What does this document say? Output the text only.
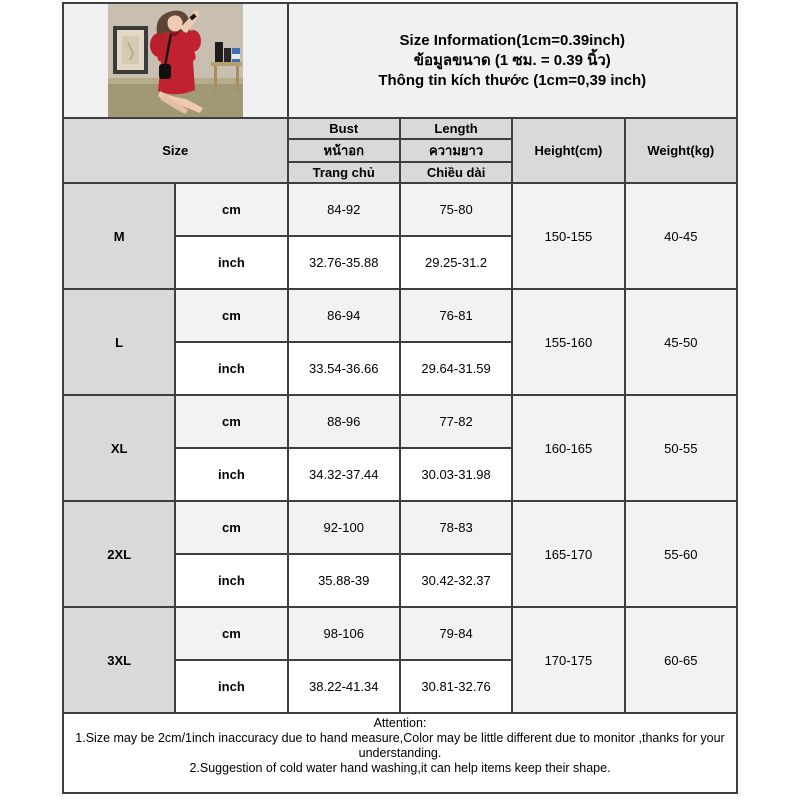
Size Information(1cm=0.39inch)
ข้อมูลขนาด (1 ซม. = 0.39 นิ้ว)
Thông tin kích thước (1cm=0,39 inch)			

Size		Bust	Length	Height(cm)	Weight(kg)
		หน้าอก	ความยาว		
		Trang chủ	Chiều dài		
M	cm	84-92	75-80	150-155	40-45
	inch	32.76-35.88	29.25-31.2		
L	cm	86-94	76-81	155-160	45-50
	inch	33.54-36.66	29.64-31.59		
XL	cm	88-96	77-82	160-165	50-55
	inch	34.32-37.44	30.03-31.98		
2XL	cm	92-100	78-83	165-170	55-60
	inch	35.88-39	30.42-32.37		
3XL	cm	98-106	79-84	170-175	60-65
	inch	38.22-41.34	30.81-32.76		

Attention:
1.Size may be 2cm/1inch inaccuracy due to hand measure,Color may be little different due to monitor ,thanks for your understanding.
2.Suggestion of cold water hand washing,it can help items keep their shape.					
